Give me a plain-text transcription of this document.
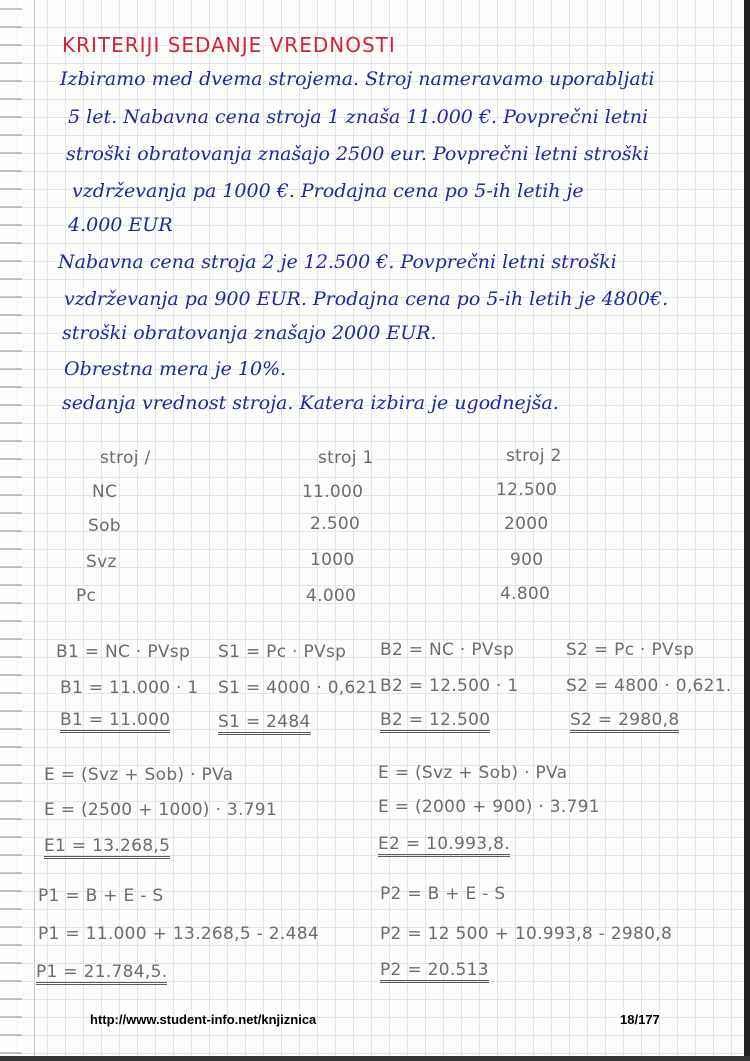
KRITERIJI SEDANJE VREDNOSTI
Izbiramo med dvema strojema. Stroj nameravamo uporabljati
5 let. Nabavna cena stroja 1 znaša 11.000 €. Povprečni letni
stroški obratovanja znašajo 2500 eur. Povprečni letni stroški
vzdrževanja pa 1000 €. Prodajna cena po 5-ih letih je
4.000 EUR
Nabavna cena stroja 2 je 12.500 €. Povprečni letni stroški
vzdrževanja pa 900 EUR. Prodajna cena po 5-ih letih je 4800€.
stroški obratovanja znašajo 2000 EUR.
Obrestna mera je 10%.
sedanja vrednost stroja. Katera izbira je ugodnejša.
stroj /	stroj 1	stroj 2
NC	11.000	12.500
Sob	2.500	2000
Svz	1000	900
Pc	4.000	4.800
B1 = NC · PVsp
B1 = 11.000 · 1
B1 = 11.000
S1 = Pc · PVsp
S1 = 4000 · 0,621
S1 = 2484
B2 = NC · PVsp
B2 = 12.500 · 1
B2 = 12.500
S2 = Pc · PVsp
S2 = 4800 · 0,621.
S2 = 2980,8
E = (Svz + Sob) · PVa
E = (2500 + 1000) · 3.791
E1 = 13.268,5
E = (Svz + Sob) · PVa
E = (2000 + 900) · 3.791
E2 = 10.993,8.
P1 = B + E - S
P1 = 11.000 + 13.268,5 - 2.484
P1 = 21.784,5.
P2 = B + E - S
P2 = 12 500 + 10.993,8 - 2980,8
P2 = 20.513
http://www.student-info.net/knjiznica	18/177
